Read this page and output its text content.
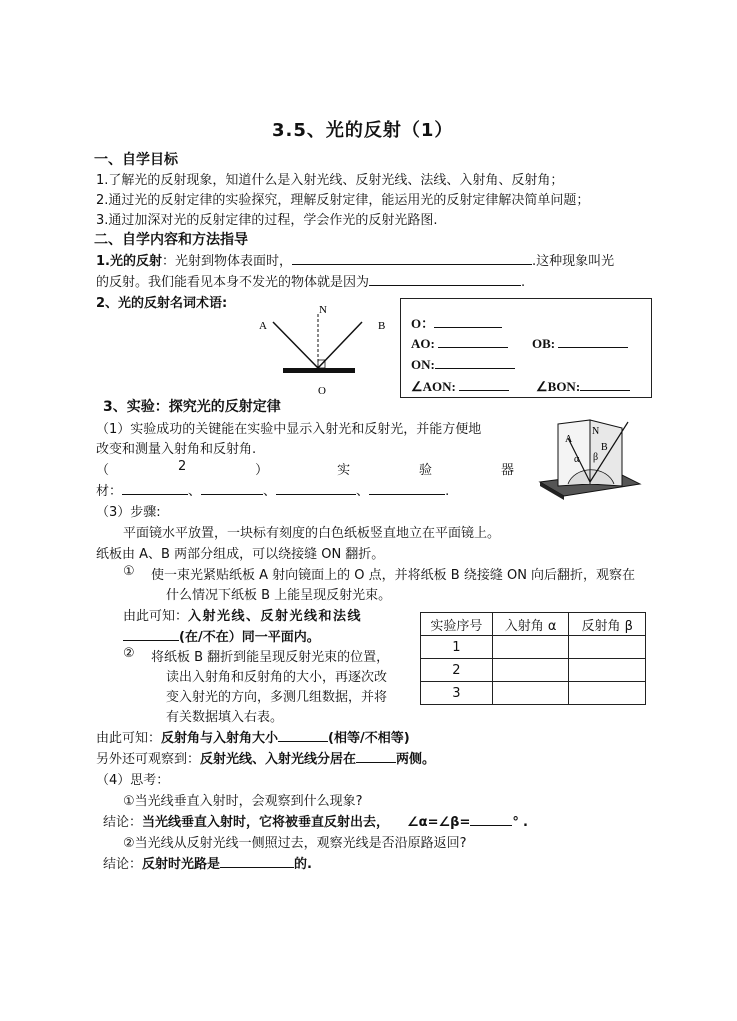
3.5、光的反射（1）
一、自学目标
1.了解光的反射现象，知道什么是入射光线、反射光线、法线、入射角、反射角；
2.通过光的反射定律的实验探究，理解反射定律，能运用光的反射定律解决简单问题；
3.通过加深对光的反射定律的过程，学会作光的反射光路图.
二、自学内容和方法指导
1.光的反射：光射到物体表面时，	.这种现象叫光
的反射。我们能看见本身不发光的物体就是因为	.
2、光的反射名词术语:	N
A	B
O
O：
AO:	OB:
ON:
∠AON:	∠BON:
3、实验：探究光的反射定律
（1）实验成功的关键能在实验中显示入射光和反射光，并能方便地
改变和测量入射角和反射角.
（	2	）	实	验	器
材：	、	、	、	.
A
N
B
α β
（3）步骤:
平面镜水平放置，一块标有刻度的白色纸板竖直地立在平面镜上。
纸板由 A、B 两部分组成，可以绕接缝 ON 翻折。
① 使一束光紧贴纸板 A 射向镜面上的 O 点，并将纸板 B 绕接缝 ON 向后翻折，观察在
什么情况下纸板 B 上能呈现反射光束。
由此可知：入射光线、反射光线和法线
(在/不在）同一平面内。
② 将纸板 B 翻折到能呈现反射光束的位置，
读出入射角和反射角的大小，再逐次改
变入射光的方向，多测几组数据，并将
有关数据填入右表。
实验序号	入射角 α	反射角 β
1		
2		
3		
由此可知：反射角与入射角大小	(相等/不相等)
另外还可观察到：反射光线、入射光线分居在	两侧。
（4）思考：
①当光线垂直入射时，会观察到什么现象?
结论：当光线垂直入射时，它将被垂直反射出去， ∠α=∠β=	° .
②当光线从反射光线一侧照过去，观察光线是否沿原路返回?
结论：反射时光路是	的.
